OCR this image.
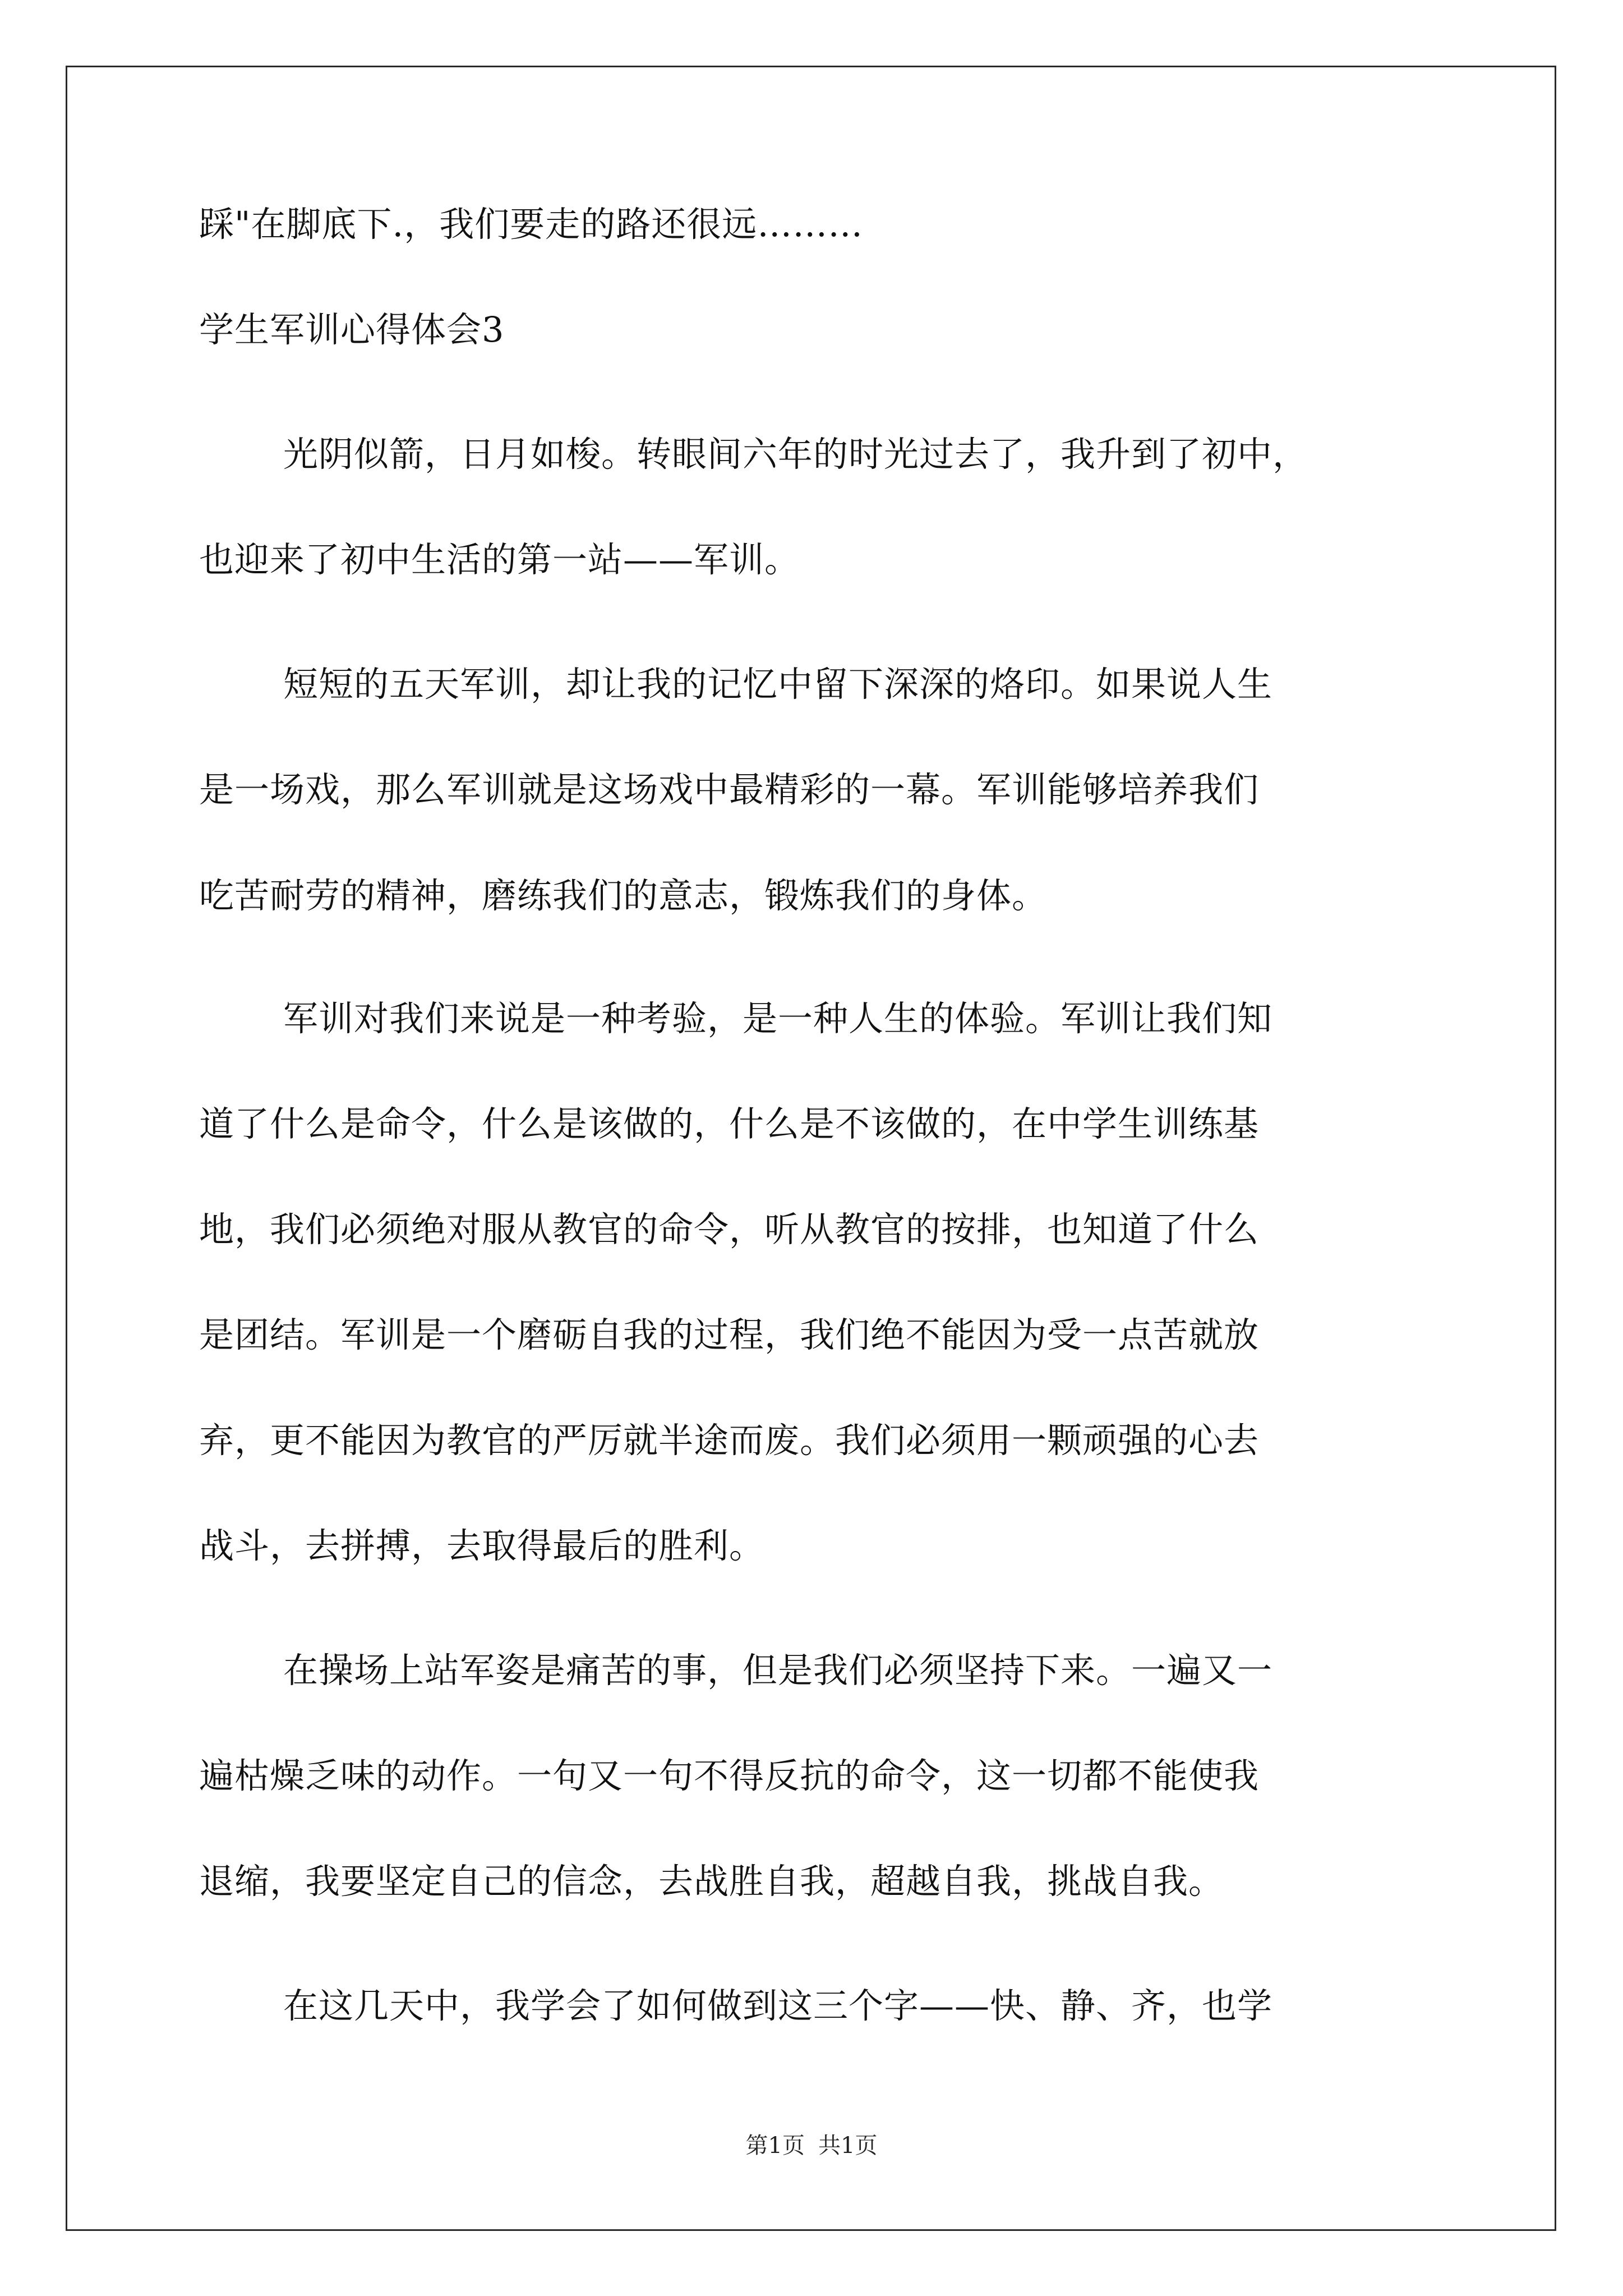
踩"在脚底下.，我们要走的路还很远………
学生军训心得体会3
光阴似箭，日月如梭。转眼间六年的时光过去了，我升到了初中，
也迎来了初中生活的第一站——军训。
短短的五天军训，却让我的记忆中留下深深的烙印。如果说人生
是一场戏，那么军训就是这场戏中最精彩的一幕。军训能够培养我们
吃苦耐劳的精神，磨练我们的意志，锻炼我们的身体。
军训对我们来说是一种考验，是一种人生的体验。军训让我们知
道了什么是命令，什么是该做的，什么是不该做的，在中学生训练基
地，我们必须绝对服从教官的命令，听从教官的按排，也知道了什么
是团结。军训是一个磨砺自我的过程，我们绝不能因为受一点苦就放
弃，更不能因为教官的严厉就半途而废。我们必须用一颗顽强的心去
战斗，去拼搏，去取得最后的胜利。
在操场上站军姿是痛苦的事，但是我们必须坚持下来。一遍又一
遍枯燥乏味的动作。一句又一句不得反抗的命令，这一切都不能使我
退缩，我要坚定自己的信念，去战胜自我，超越自我，挑战自我。
在这几天中，我学会了如何做到这三个字——快、静、齐，也学
第1页 共1页
